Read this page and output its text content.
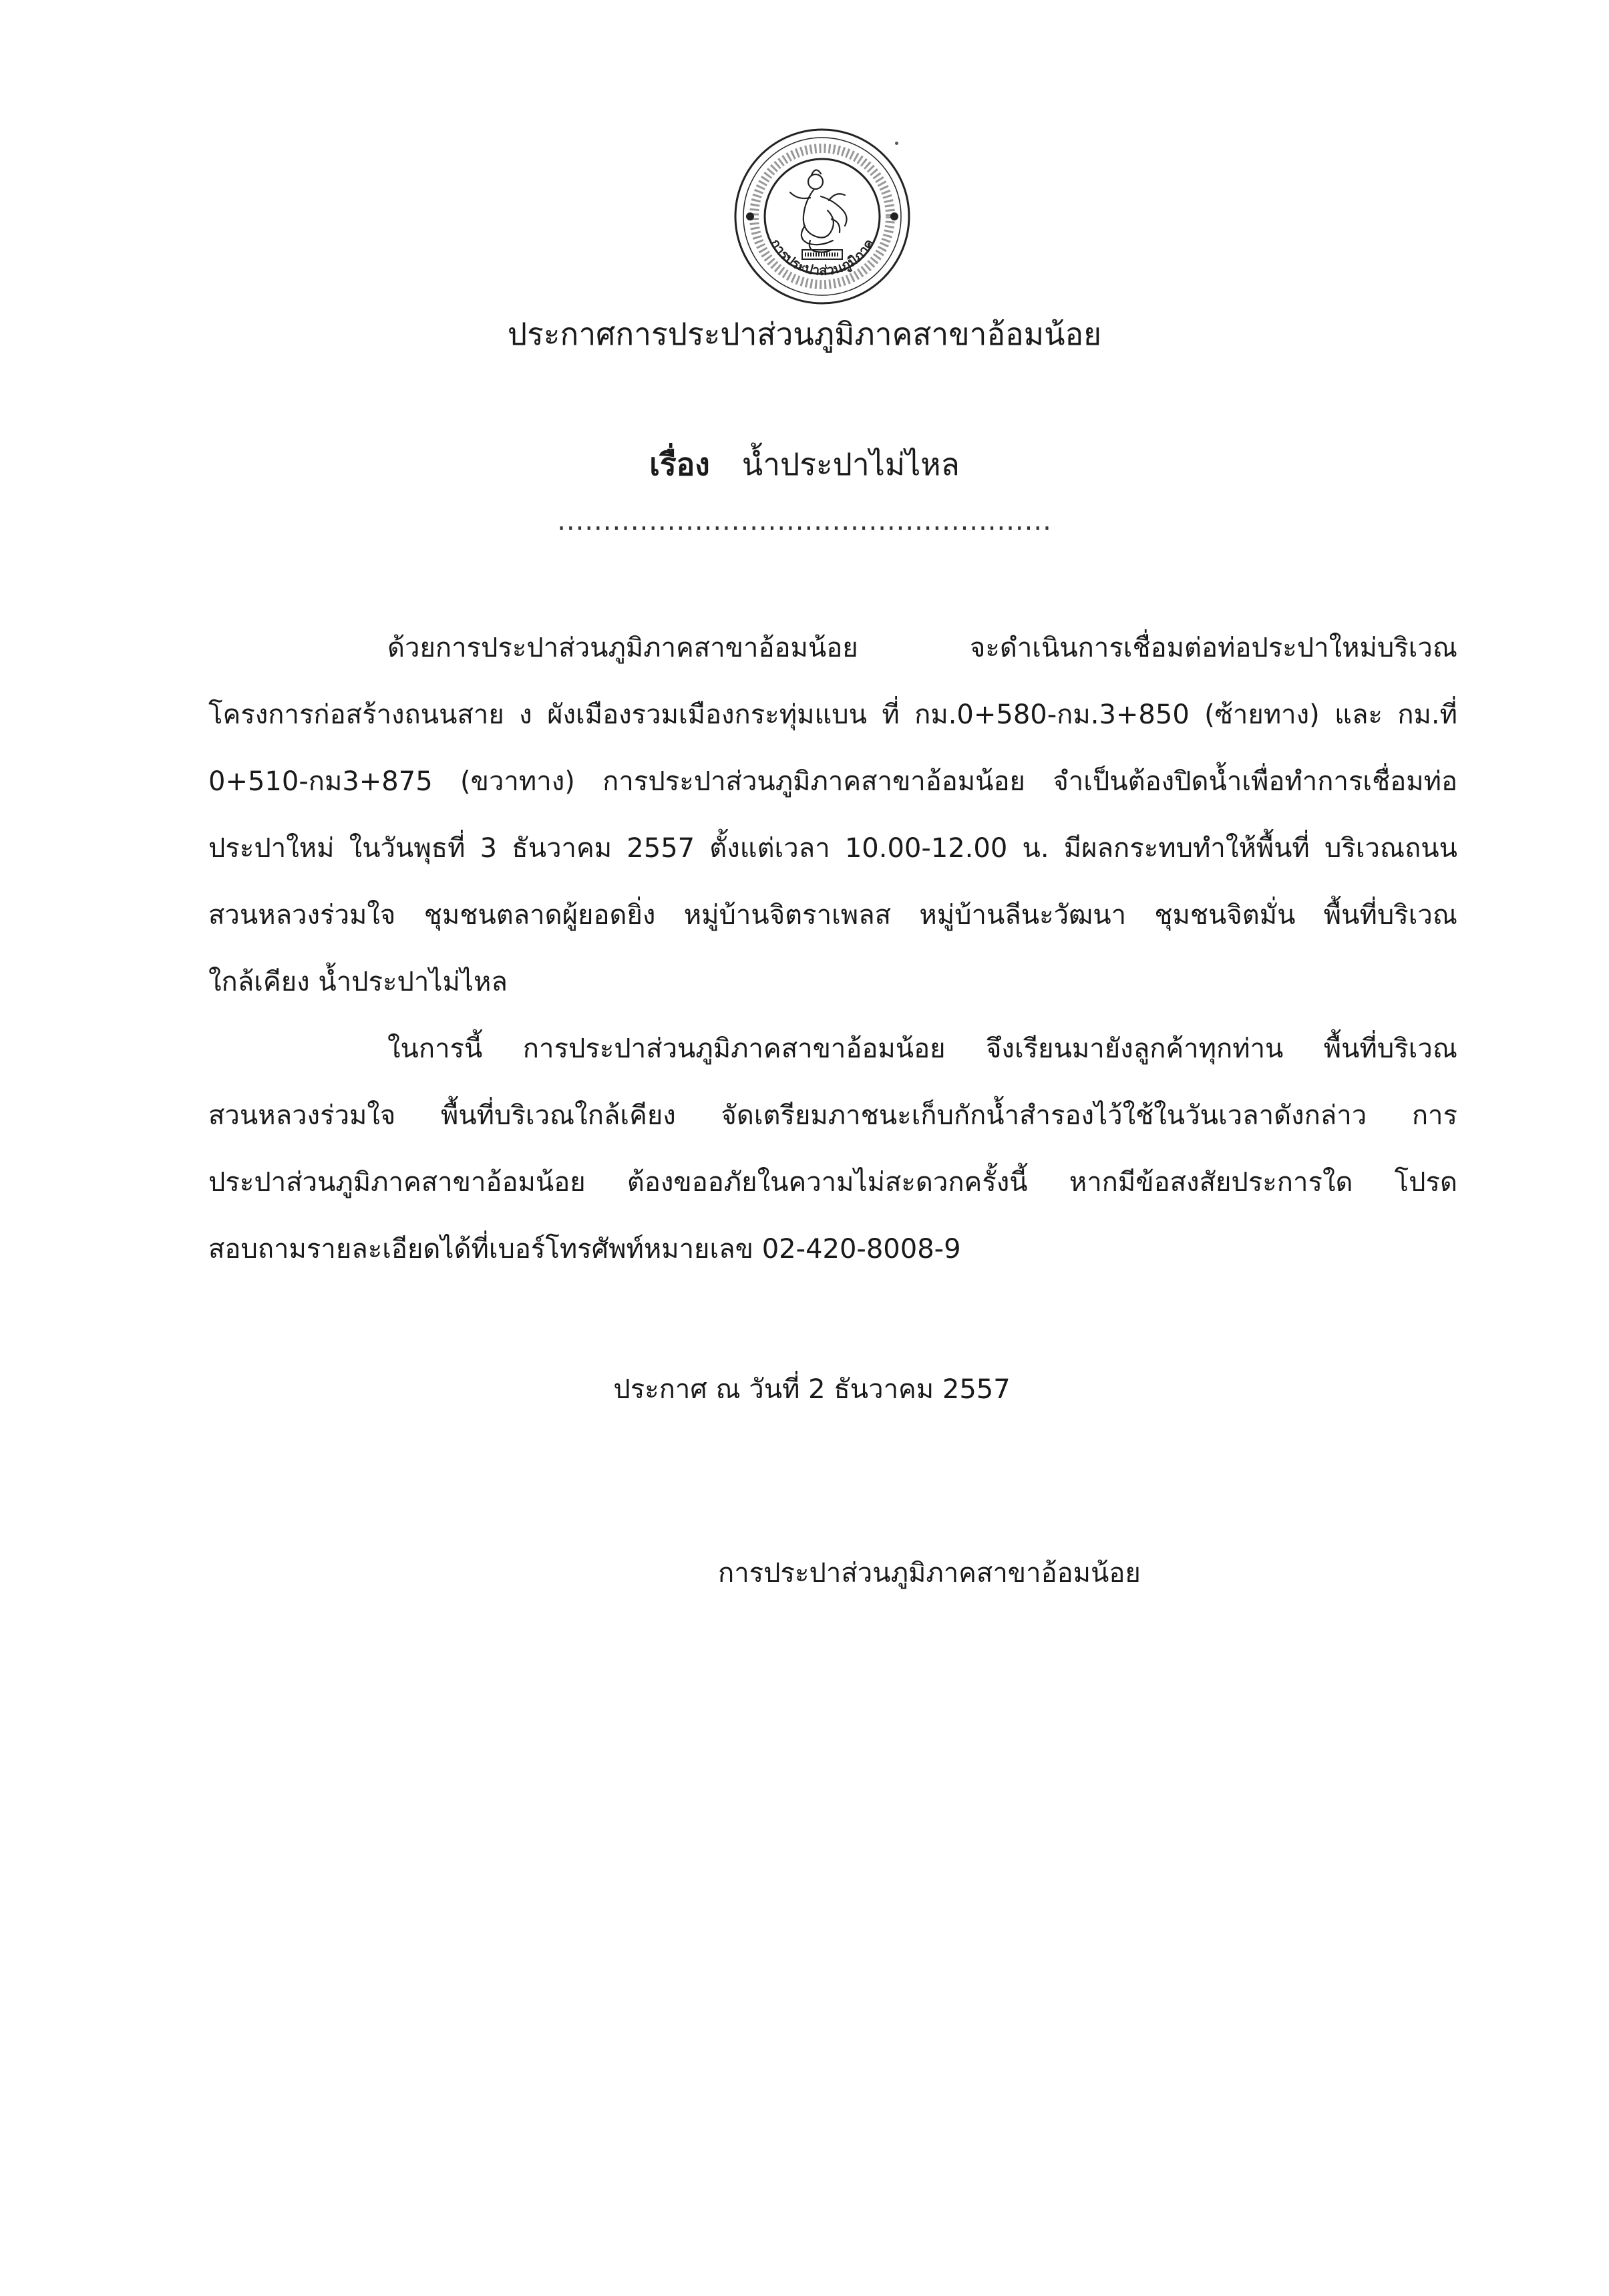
การประปาส่วนภูมิภาค
ประกาศการประปาส่วนภูมิภาคสาขาอ้อมน้อย
เรื่อง น้ำประปาไม่ไหล
......................................................
ด้วยการประปาส่วนภูมิภาคสาขาอ้อมน้อย จะดำเนินการเชื่อมต่อท่อประปาใหม่บริเวณ
โครงการก่อสร้างถนนสาย ง ผังเมืองรวมเมืองกระทุ่มแบน ที่ กม.0+580-กม.3+850 (ซ้ายทาง) และ กม.ที่
0+510-กม3+875 (ขวาทาง) การประปาส่วนภูมิภาคสาขาอ้อมน้อย จำเป็นต้องปิดน้ำเพื่อทำการเชื่อมท่อ
ประปาใหม่ ในวันพุธที่ 3 ธันวาคม 2557 ตั้งแต่เวลา 10.00-12.00 น. มีผลกระทบทำให้พื้นที่ บริเวณถนน
สวนหลวงร่วมใจ ชุมชนตลาดผู้ยอดยิ่ง หมู่บ้านจิตราเพลส หมู่บ้านลีนะวัฒนา ชุมชนจิตมั่น พื้นที่บริเวณ
ใกล้เคียง น้ำประปาไม่ไหล
ในการนี้ การประปาส่วนภูมิภาคสาขาอ้อมน้อย จึงเรียนมายังลูกค้าทุกท่าน พื้นที่บริเวณ
สวนหลวงร่วมใจ พื้นที่บริเวณใกล้เคียง จัดเตรียมภาชนะเก็บกักน้ำสำรองไว้ใช้ในวันเวลาดังกล่าว การ
ประปาส่วนภูมิภาคสาขาอ้อมน้อย ต้องขออภัยในความไม่สะดวกครั้งนี้ หากมีข้อสงสัยประการใด โปรด
สอบถามรายละเอียดได้ที่เบอร์โทรศัพท์หมายเลข 02-420-8008-9
ประกาศ ณ วันที่ 2 ธันวาคม 2557
การประปาส่วนภูมิภาคสาขาอ้อมน้อย
